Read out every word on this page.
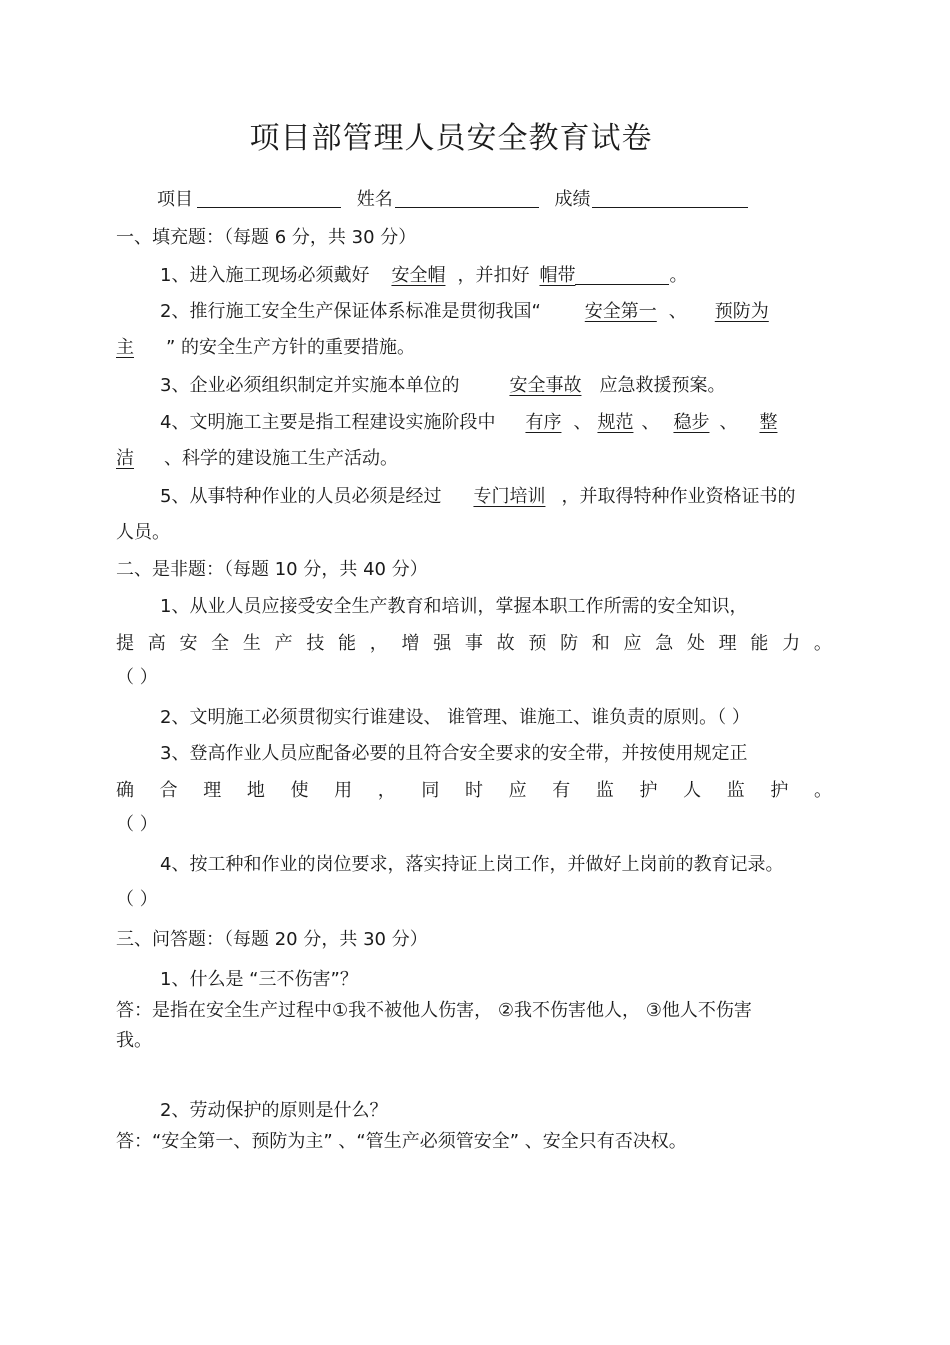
项目部管理人员安全教育试卷
项目	姓名	成绩
一、填充题：（每题 6 分，共 30 分）
1、进入施工现场必须戴好 安全帽 ，并扣好 帽带	。
2、推行施工安全生产保证体系标准是贯彻我国“ 安全第一 、 预防为
主 ” 的安全生产方针的重要措施。
3、企业必须组织制定并实施本单位的	安全事故 应急救援预案。
4、文明施工主要是指工程建设实施阶段中 有序 、 规范 、 稳步 、 整
洁 、科学的建设施工生产活动。
5、从事特种作业的人员必须是经过 专门培训 ，并取得特种作业资格证书的
人员。
二、是非题：（每题 10 分，共 40 分）
1、从业人员应接受安全生产教育和培训，掌握本职工作所需的安全知识，
提 高 安 全 生 产 技 能 ， 增 强 事 故 预 防 和 应 急 处 理 能 力 。
（ ）
2、文明施工必须贯彻实行谁建设、 谁管理、谁施工、谁负责的原则。（ ）
3、登高作业人员应配备必要的且符合安全要求的安全带，并按使用规定正
确 合 理 地 使 用 ， 同 时 应 有 监 护 人 监 护 。
（ ）
4、按工种和作业的岗位要求，落实持证上岗工作，并做好上岗前的教育记录。
（ ）
三、问答题：（每题 20 分，共 30 分）
1、什么是 “三不伤害”？
答：是指在安全生产过程中①我不被他人伤害， ②我不伤害他人， ③他人不伤害
我。
2、劳动保护的原则是什么？
答：“安全第一、预防为主” 、“管生产必须管安全” 、安全只有否决权。
